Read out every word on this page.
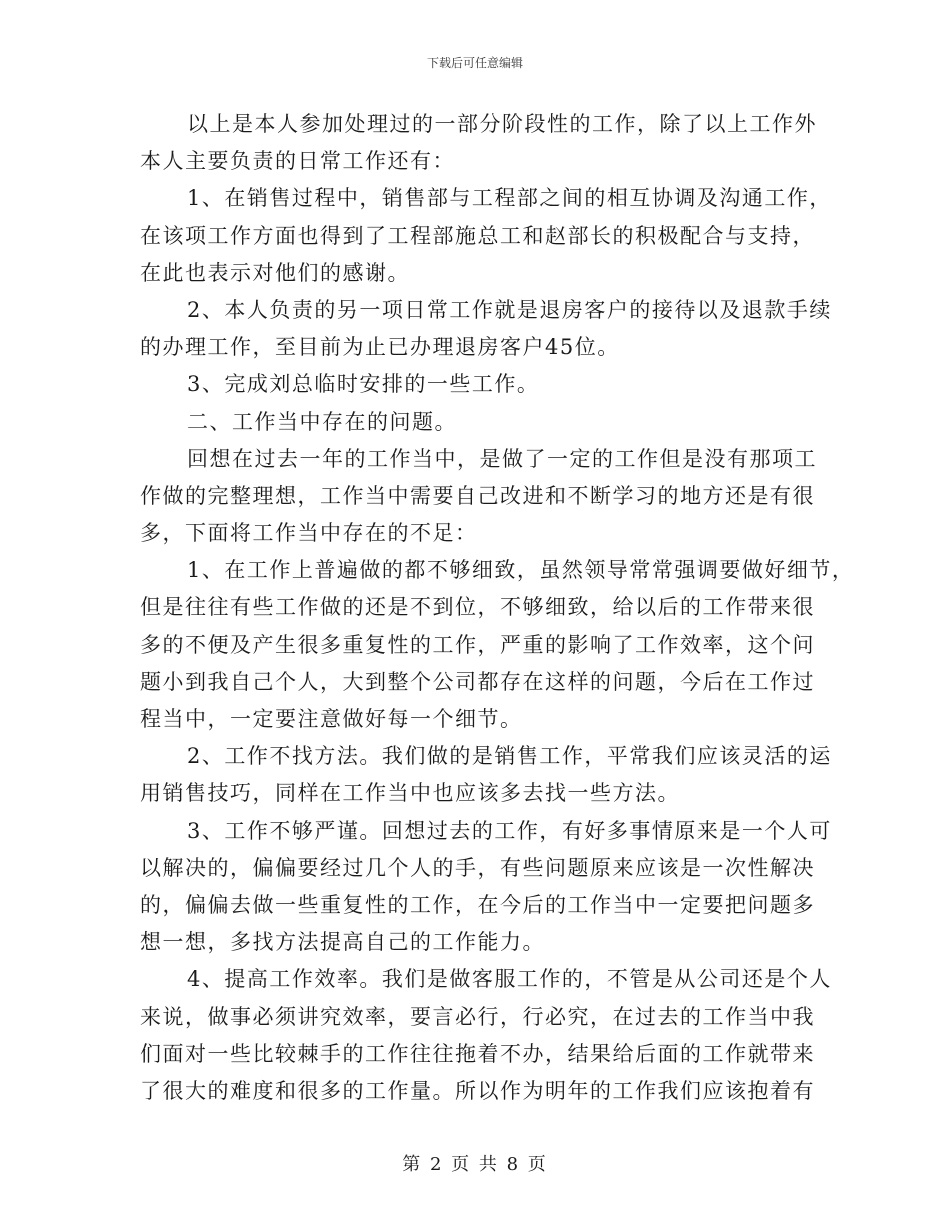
下载后可任意编辑
以上是本人参加处理过的一部分阶段性的工作，除了以上工作外
本人主要负责的日常工作还有：
1、在销售过程中，销售部与工程部之间的相互协调及沟通工作，
在该项工作方面也得到了工程部施总工和赵部长的积极配合与支持，
在此也表示对他们的感谢。
2、本人负责的另一项日常工作就是退房客户的接待以及退款手续
的办理工作，至目前为止已办理退房客户45位。
3、完成刘总临时安排的一些工作。
二、工作当中存在的问题。
回想在过去一年的工作当中，是做了一定的工作但是没有那项工
作做的完整理想，工作当中需要自己改进和不断学习的地方还是有很
多，下面将工作当中存在的不足：
1、在工作上普遍做的都不够细致，虽然领导常常强调要做好细节，
但是往往有些工作做的还是不到位，不够细致，给以后的工作带来很
多的不便及产生很多重复性的工作，严重的影响了工作效率，这个问
题小到我自己个人，大到整个公司都存在这样的问题，今后在工作过
程当中，一定要注意做好每一个细节。
2、工作不找方法。我们做的是销售工作，平常我们应该灵活的运
用销售技巧，同样在工作当中也应该多去找一些方法。
3、工作不够严谨。回想过去的工作，有好多事情原来是一个人可
以解决的，偏偏要经过几个人的手，有些问题原来应该是一次性解决
的，偏偏去做一些重复性的工作，在今后的工作当中一定要把问题多
想一想，多找方法提高自己的工作能力。
4、提高工作效率。我们是做客服工作的，不管是从公司还是个人
来说，做事必须讲究效率，要言必行，行必究，在过去的工作当中我
们面对一些比较棘手的工作往往拖着不办，结果给后面的工作就带来
了很大的难度和很多的工作量。所以作为明年的工作我们应该抱着有
第 2 页 共 8 页
